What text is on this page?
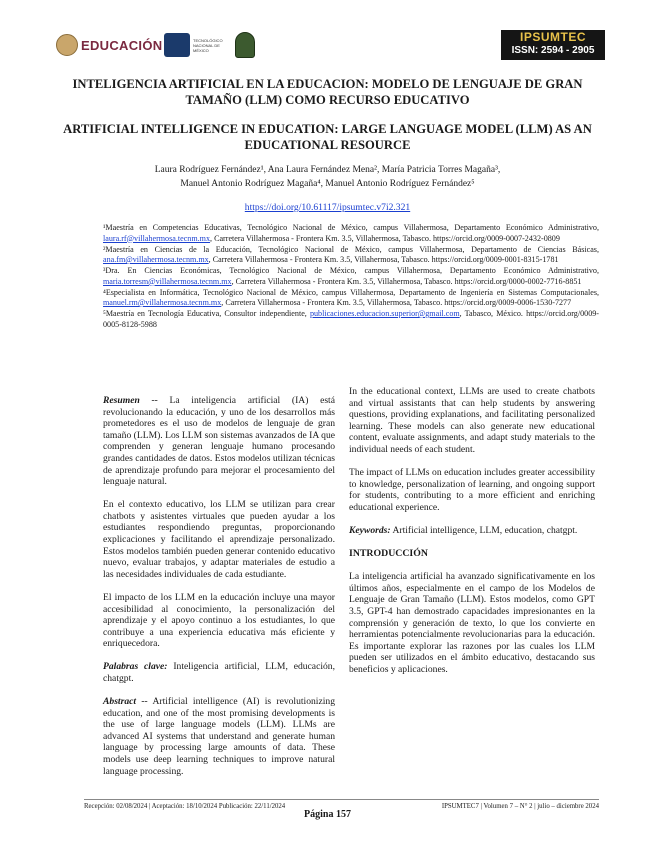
EDUCACIÓN	TECNOLÓGICO NACIONAL DE MÉXICO
IPSUMTEC
ISSN: 2594 - 2905
INTELIGENCIA ARTIFICIAL EN LA EDUCACION: MODELO DE LENGUAJE DE GRAN TAMAÑO (LLM) COMO RECURSO EDUCATIVO
ARTIFICIAL INTELLIGENCE IN EDUCATION: LARGE LANGUAGE MODEL (LLM) AS AN EDUCATIONAL RESOURCE

Laura Rodríguez Fernández¹, Ana Laura Fernández Mena², María Patricia Torres Magaña³,
Manuel Antonio Rodríguez Magaña⁴, Manuel Antonio Rodríguez Fernández⁵

https://doi.org/10.61117/ipsumtec.v7i2.321

¹Maestría en Competencias Educativas, Tecnológico Nacional de México, campus Villahermosa, Departamento Económico Administrativo, laura.rf@villahermosa.tecnm.mx, Carretera Villahermosa - Frontera Km. 3.5, Villahermosa, Tabasco. https://orcid.org/0009-0007-2432-0809

²Maestría en Ciencias de la Educación, Tecnológico Nacional de México, campus Villahermosa, Departamento de Ciencias Básicas, ana.fm@villahermosa.tecnm.mx, Carretera Villahermosa - Frontera Km. 3.5, Villahermosa, Tabasco. https://orcid.org/0009-0001-8315-1781

³Dra. En Ciencias Económicas, Tecnológico Nacional de México, campus Villahermosa, Departamento Económico Administrativo, maria.torresm@villahermosa.tecnm.mx, Carretera Villahermosa - Frontera Km. 3.5, Villahermosa, Tabasco. https://orcid.org/0000-0002-7716-8851

⁴Especialista en Informática, Tecnológico Nacional de México, campus Villahermosa, Departamento de Ingeniería en Sistemas Computacionales, manuel.rm@villahermosa.tecnm.mx, Carretera Villahermosa - Frontera Km. 3.5, Villahermosa, Tabasco. https://orcid.org/0009-0006-1530-7277

⁵Maestría en Tecnología Educativa, Consultor independiente, publicaciones.educacion.superior@gmail.com, Tabasco, México. https://orcid.org/0009-0005-8128-5988

Resumen -- La inteligencia artificial (IA) está revolucionando la educación, y uno de los desarrollos más prometedores es el uso de modelos de lenguaje de gran tamaño (LLM). Los LLM son sistemas avanzados de IA que comprenden y generan lenguaje humano procesando grandes cantidades de datos. Estos modelos utilizan técnicas de aprendizaje profundo para mejorar el procesamiento del lenguaje natural.

En el contexto educativo, los LLM se utilizan para crear chatbots y asistentes virtuales que pueden ayudar a los estudiantes respondiendo preguntas, proporcionando explicaciones y facilitando el aprendizaje personalizado. Estos modelos también pueden generar contenido educativo nuevo, evaluar trabajos, y adaptar materiales de estudio a las necesidades individuales de cada estudiante.

El impacto de los LLM en la educación incluye una mayor accesibilidad al conocimiento, la personalización del aprendizaje y el apoyo continuo a los estudiantes, lo que contribuye a una experiencia educativa más eficiente y enriquecedora.

Palabras clave: Inteligencia artificial, LLM, educación, chatgpt.

Abstract -- Artificial intelligence (AI) is revolutionizing education, and one of the most promising developments is the use of large language models (LLM). LLMs are advanced AI systems that understand and generate human language by processing large amounts of data. These models use deep learning techniques to improve natural language processing.

In the educational context, LLMs are used to create chatbots and virtual assistants that can help students by answering questions, providing explanations, and facilitating personalized learning. These models can also generate new educational content, evaluate assignments, and adapt study materials to the individual needs of each student.

The impact of LLMs on education includes greater accessibility to knowledge, personalization of learning, and ongoing support for students, contributing to a more efficient and enriching educational experience.

Keywords: Artificial intelligence, LLM, education, chatgpt.

INTRODUCCIÓN

La inteligencia artificial ha avanzado significativamente en los últimos años, especialmente en el campo de los Modelos de Lenguaje de Gran Tamaño (LLM). Estos modelos, como GPT 3.5, GPT-4 han demostrado capacidades impresionantes en la comprensión y generación de texto, lo que los convierte en herramientas potencialmente revolucionarias para la educación. Es importante explorar las razones por las cuales los LLM pueden ser utilizados en el ámbito educativo, destacando sus beneficios y aplicaciones.

Recepción: 02/08/2024 | Aceptación: 18/10/2024 Publicación: 22/11/2024	IPSUMTEC7 | Volumen 7 – N° 2 | julio – diciembre 2024

Página 157
